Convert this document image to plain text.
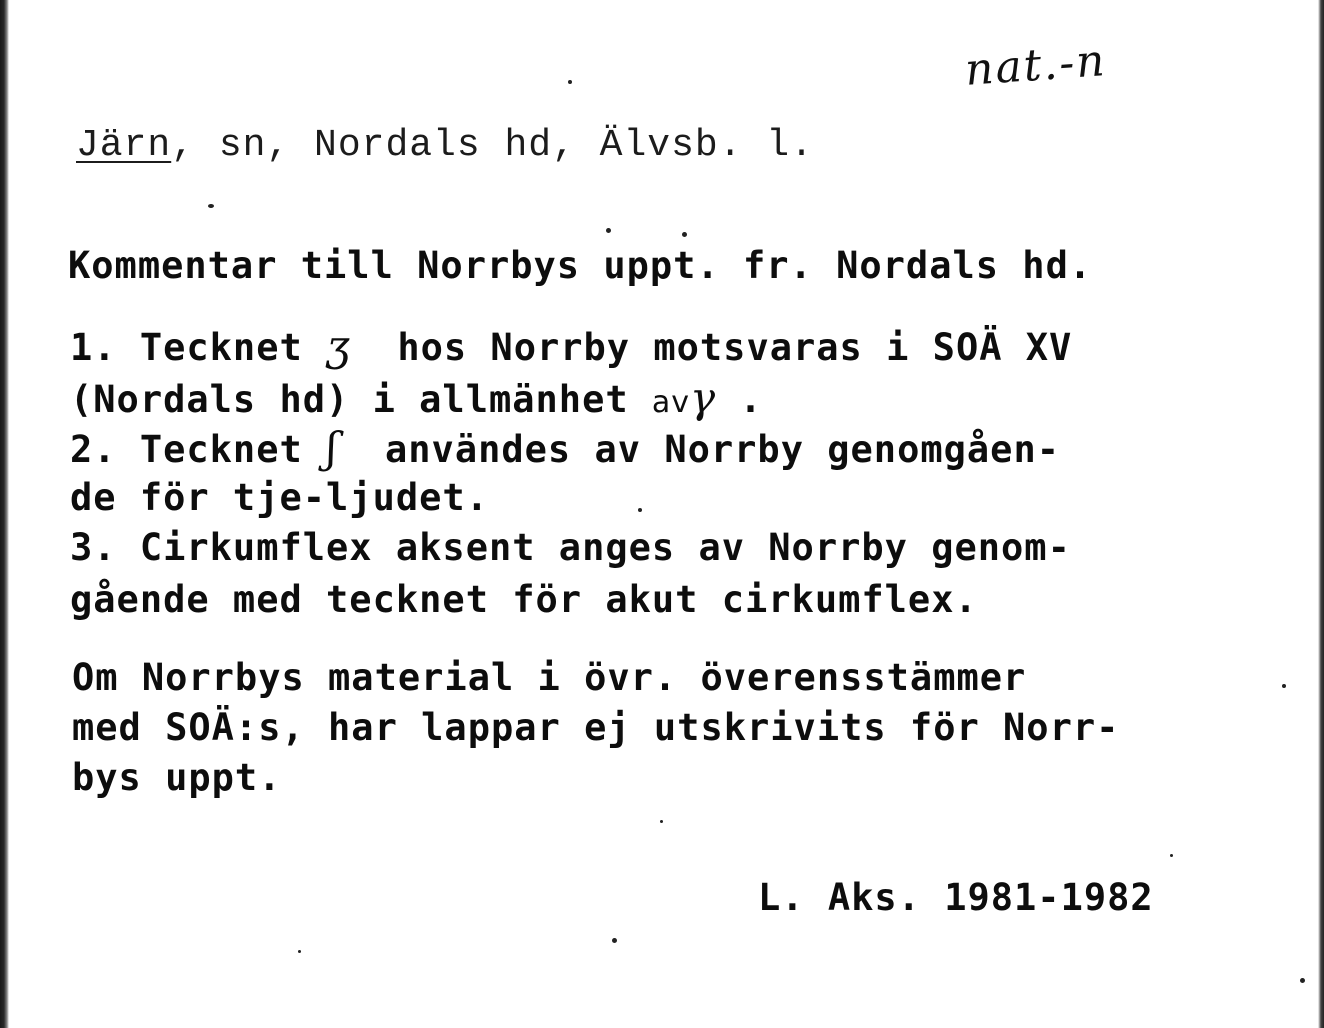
nat.-n
Järn, sn, Nordals hd, Älvsb. l.
Kommentar till Norrbys uppt. fr. Nordals hd.
1. Tecknet ʒ  hos Norrby motsvaras i SOÄ XV
(Nordals hd) i allmänhet avγ .
2. Tecknet ʃ  användes av Norrby genomgåen-
de för tje-ljudet.
3. Cirkumflex aksent anges av Norrby genom-
gående med tecknet för akut cirkumflex.
Om Norrbys material i övr. överensstämmer
med SOÄ:s, har lappar ej utskrivits för Norr-
bys uppt.
L. Aks. 1981-1982
